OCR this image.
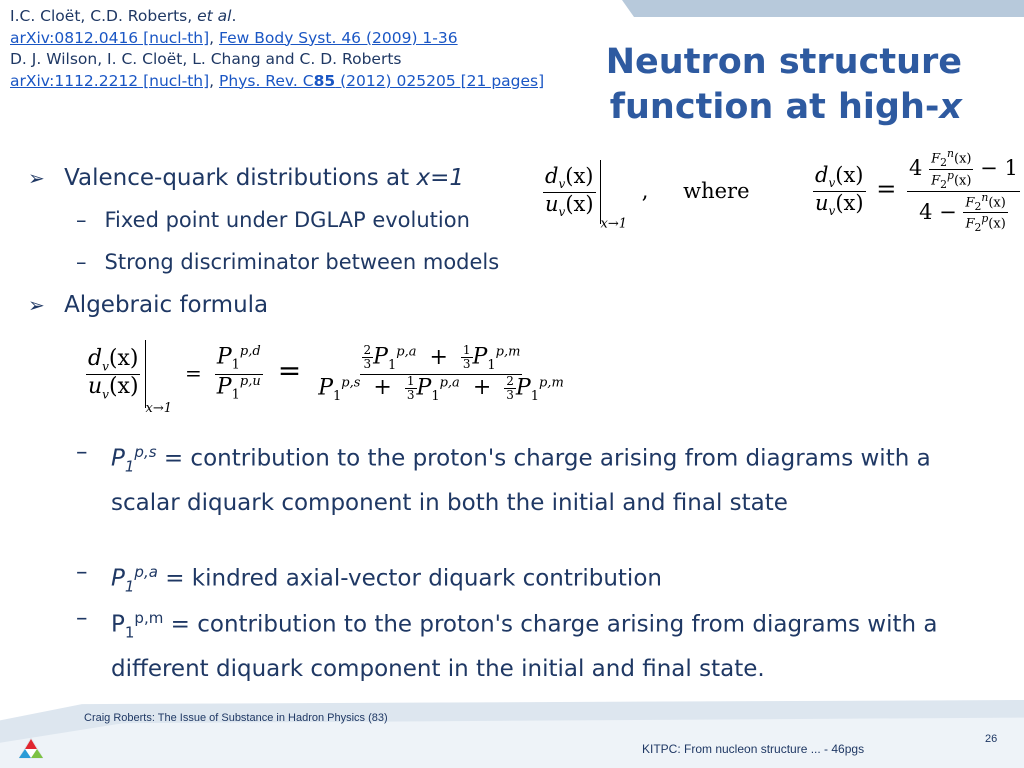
I.C. Cloët, C.D. Roberts, et al.
arXiv:0812.0416 [nucl-th], Few Body Syst. 46 (2009) 1-36
D. J. Wilson, I. C. Cloët, L. Chang and C. D. Roberts
arXiv:1112.2212 [nucl-th], Phys. Rev. C85 (2012) 025205 [21 pages] Neutron structure
function at high-x
➢ Valence-quark distributions at x=1
– Fixed point under DGLAP evolution
– Strong discriminator between models
$\frac{d_v(x)}{u_v(x)}$
$_{x\to 1}$ , where	$\frac{d_v(x)}{u_v(x)} = \frac{4 \frac{F_2^n(x)}{F_2^p(x)} - 1}{4 - \frac{F_2^n(x)}{F_2^p(x)}}$
➢ Algebraic formula
$\frac{d_v(x)}{u_v(x)}$
$_{x\to 1} = \frac{P_1^{p,d}}{P_1^{p,u}} = \frac{\frac{2}{3} P_1^{p,a} + \frac{1}{3} P_1^{p,m}}{P_1^{p,s} + \frac{1}{3} P_1^{p,a} + \frac{2}{3} P_1^{p,m}}$
– $P_1^{p,s}$ = contribution to the proton's charge arising from diagrams with a scalar diquark component in both the initial and final state
– $P_1^{p,a}$ = kindred axial-vector diquark contribution
– $P_1^{p,m}$ = contribution to the proton's charge arising from diagrams with a different diquark component in the initial and final state.
Craig Roberts: The Issue of Substance in Hadron Physics (83)
26
KITPC: From nucleon structure ... - 46pgs
